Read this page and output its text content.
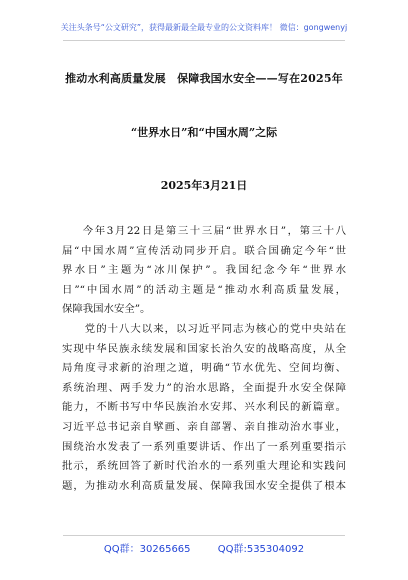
关注头条号“公文研究”，获得最新最全最专业的公文资料库！ 微信：gongwenyj
推动水利高质量发展　保障我国水安全——写在2025年
“世界水日”和“中国水周”之际
2025年3月21日
今年3月22日是第三十三届“世界水日”，第三十八
届“中国水周”宣传活动同步开启。联合国确定今年“世
界水日”主题为“冰川保护”。我国纪念今年“世界水
日”“中国水周”的活动主题是“推动水利高质量发展，
保障我国水安全”。
　　党的十八大以来，以习近平同志为核心的党中央站在
实现中华民族永续发展和国家长治久安的战略高度，从全
局角度寻求新的治理之道，明确“节水优先、空间均衡、
系统治理、两手发力”的治水思路，全面提升水安全保障
能力，不断书写中华民族治水安邦、兴水利民的新篇章。
习近平总书记亲自擘画、亲自部署、亲自推动治水事业，
围绕治水发表了一系列重要讲话、作出了一系列重要指示
批示，系统回答了新时代治水的一系列重大理论和实践问
题，为推动水利高质量发展、保障我国水安全提供了根本
QQ群：30265665	QQ群:535304092
